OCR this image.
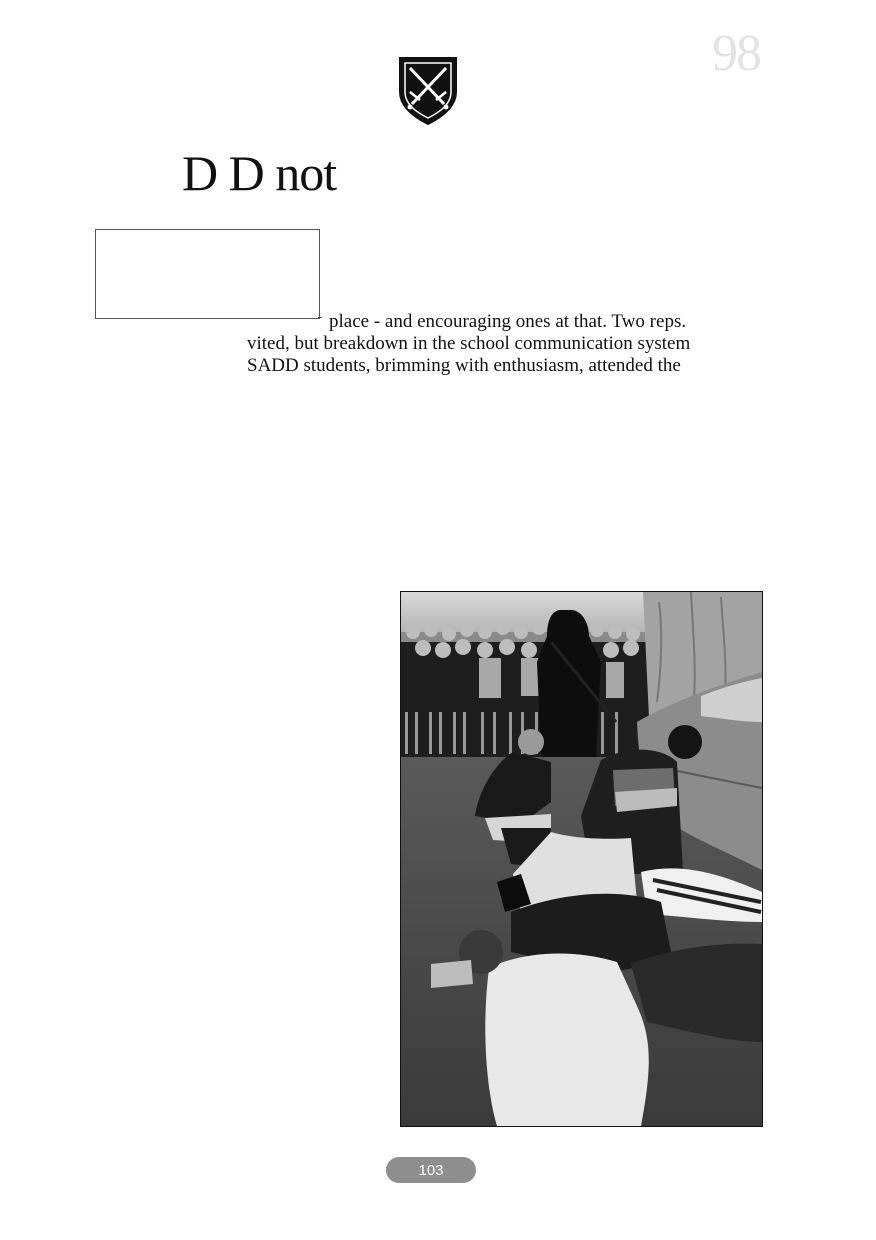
98
D D not
place - and encouraging ones at that. Two reps.
vited, but breakdown in the school communication system
SADD students, brimming with enthusiasm, attended the
103
